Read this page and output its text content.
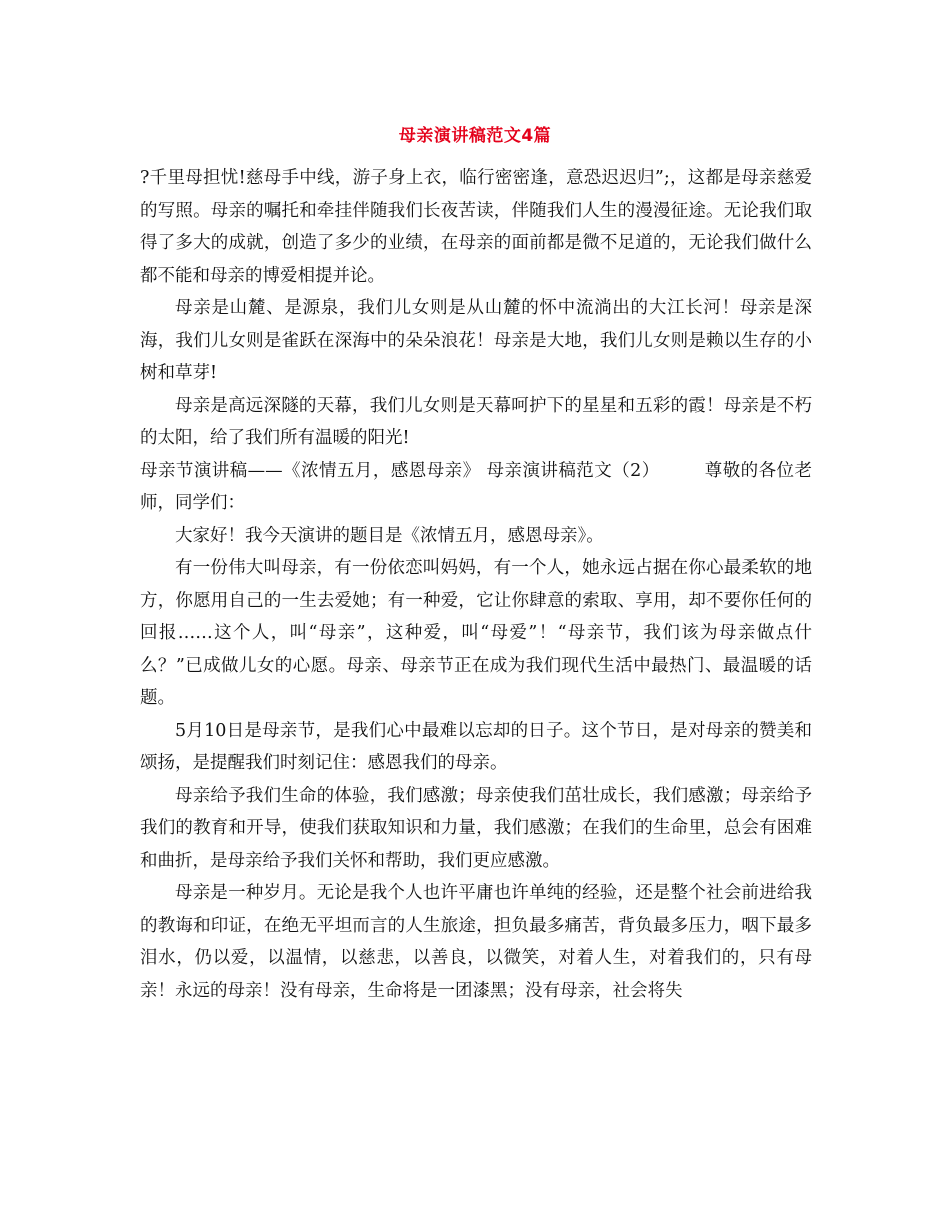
母亲演讲稿范文4篇

?千里母担忧!慈母手中线，游子身上衣，临行密密逢，意恐迟迟归”;，这都是母亲慈爱的写照。母亲的嘱托和牵挂伴随我们长夜苦读，伴随我们人生的漫漫征途。无论我们取得了多大的成就，创造了多少的业绩，在母亲的面前都是微不足道的，无论我们做什么都不能和母亲的博爱相提并论。

母亲是山麓、是源泉，我们儿女则是从山麓的怀中流淌出的大江长河！母亲是深海，我们儿女则是雀跃在深海中的朵朵浪花！母亲是大地，我们儿女则是赖以生存的小树和草芽!

母亲是高远深隧的天幕，我们儿女则是天幕呵护下的星星和五彩的霞！母亲是不朽的太阳，给了我们所有温暖的阳光!

母亲节演讲稿——《浓情五月，感恩母亲》 母亲演讲稿范文（2）　　　尊敬的各位老师，同学们：

大家好！我今天演讲的题目是《浓情五月，感恩母亲》。

有一份伟大叫母亲，有一份依恋叫妈妈，有一个人，她永远占据在你心最柔软的地方，你愿用自己的一生去爱她；有一种爱，它让你肆意的索取、享用，却不要你任何的回报……这个人，叫“母亲”，这种爱，叫“母爱”！“母亲节，我们该为母亲做点什么？”已成做儿女的心愿。母亲、母亲节正在成为我们现代生活中最热门、最温暖的话题。

5月10日是母亲节，是我们心中最难以忘却的日子。这个节日，是对母亲的赞美和颂扬，是提醒我们时刻记住：感恩我们的母亲。

母亲给予我们生命的体验，我们感激；母亲使我们茁壮成长，我们感激；母亲给予我们的教育和开导，使我们获取知识和力量，我们感激；在我们的生命里，总会有困难和曲折，是母亲给予我们关怀和帮助，我们更应感激。

母亲是一种岁月。无论是我个人也许平庸也许单纯的经验，还是整个社会前进给我的教诲和印证，在绝无平坦而言的人生旅途，担负最多痛苦，背负最多压力，咽下最多泪水，仍以爱，以温情，以慈悲，以善良，以微笑，对着人生，对着我们的，只有母亲！永远的母亲！没有母亲，生命将是一团漆黑；没有母亲，社会将失
